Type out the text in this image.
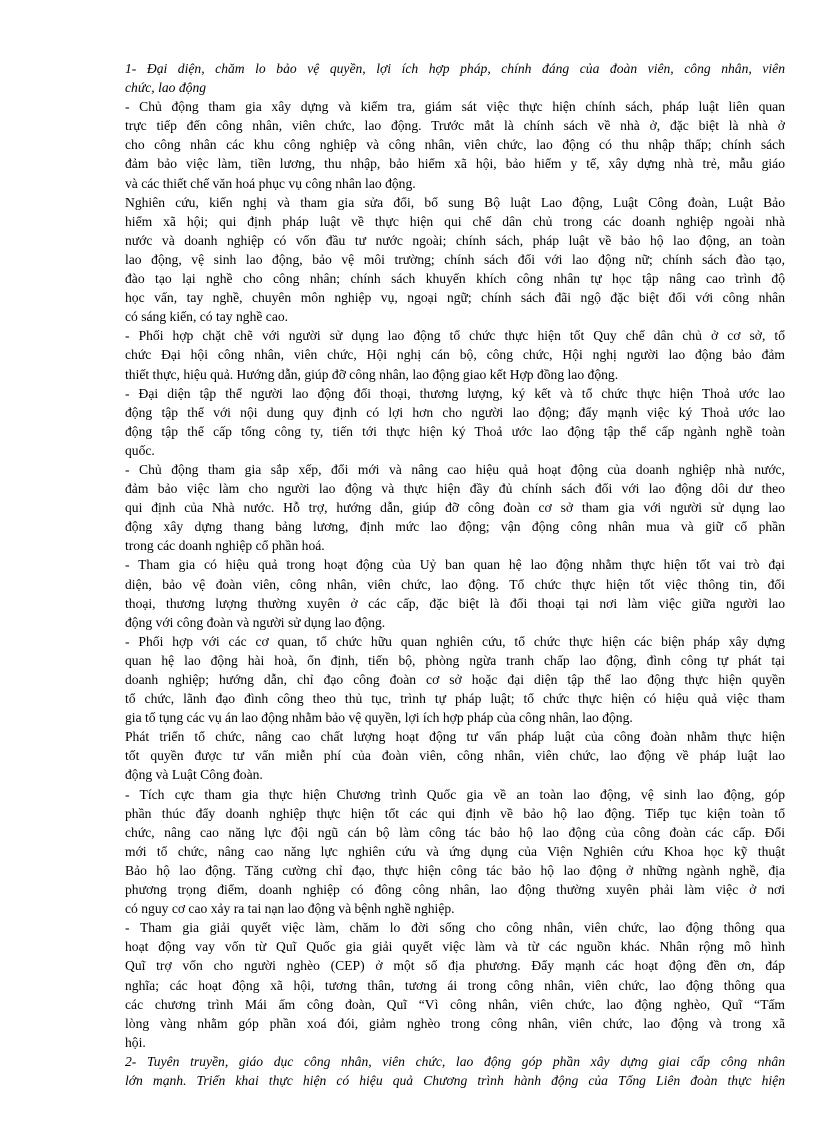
1- Đại diện, chăm lo bảo vệ quyền, lợi ích hợp pháp, chính đáng của đoàn viên, công nhân, viên
chức, lao động
- Chủ động tham gia xây dựng và kiểm tra, giám sát việc thực hiện chính sách, pháp luật liên quan
trực tiếp đến công nhân, viên chức, lao động. Trước mắt là chính sách về nhà ở, đặc biệt là nhà ở
cho công nhân các khu công nghiệp và công nhân, viên chức, lao động có thu nhập thấp; chính sách
đảm bảo việc làm, tiền lương, thu nhập, bảo hiểm xã hội, bảo hiểm y tế, xây dựng nhà trẻ, mẫu giáo
và các thiết chế văn hoá phục vụ công nhân lao động.
Nghiên cứu, kiến nghị và tham gia sửa đổi, bổ sung Bộ luật Lao động, Luật Công đoàn, Luật Bảo
hiểm xã hội; qui định pháp luật về thực hiện qui chế dân chủ trong các doanh nghiệp ngoài nhà
nước và doanh nghiệp có vốn đầu tư nước ngoài; chính sách, pháp luật về bảo hộ lao động, an toàn
lao động, vệ sinh lao động, bảo vệ môi trường; chính sách đối với lao động nữ; chính sách đào tạo,
đào tạo lại nghề cho công nhân; chính sách khuyến khích công nhân tự học tập nâng cao trình độ
học vấn, tay nghề, chuyên môn nghiệp vụ, ngoại ngữ; chính sách đãi ngộ đặc biệt đối với công nhân
có sáng kiến, có tay nghề cao.
- Phối hợp chặt chẽ với người sử dụng lao động tổ chức thực hiện tốt Quy chế dân chủ ở cơ sở, tổ
chức Đại hội công nhân, viên chức, Hội nghị cán bộ, công chức, Hội nghị người lao động bảo đảm
thiết thực, hiệu quả. Hướng dẫn, giúp đỡ công nhân, lao động giao kết Hợp đồng lao động.
- Đại diện tập thể người lao động đối thoại, thương lượng, ký kết và tổ chức thực hiện Thoả ước lao
động tập thể với nội dung quy định có lợi hơn cho người lao động; đẩy mạnh việc ký Thoả ước lao
động tập thể cấp tổng công ty, tiến tới thực hiện ký Thoả ước lao động tập thể cấp ngành nghề toàn
quốc.
- Chủ động tham gia sắp xếp, đổi mới và nâng cao hiệu quả hoạt động của doanh nghiệp nhà nước,
đảm bảo việc làm cho người lao động và thực hiện đầy đủ chính sách đối với lao động dôi dư theo
qui định của Nhà nước. Hỗ trợ, hướng dẫn, giúp đỡ công đoàn cơ sở tham gia với người sử dụng lao
động xây dựng thang bảng lương, định mức lao động; vận động công nhân mua và giữ cổ phần
trong các doanh nghiệp cổ phần hoá.
- Tham gia có hiệu quả trong hoạt động của Uỷ ban quan hệ lao động nhằm thực hiện tốt vai trò đại
diện, bảo vệ đoàn viên, công nhân, viên chức, lao động. Tổ chức thực hiện tốt việc thông tin, đối
thoại, thương lượng thường xuyên ở các cấp, đặc biệt là đối thoại tại nơi làm việc giữa người lao
động với công đoàn và người sử dụng lao động.
- Phối hợp với các cơ quan, tổ chức hữu quan nghiên cứu, tổ chức thực hiện các biện pháp xây dựng
quan hệ lao động hài hoà, ổn định, tiến bộ, phòng ngừa tranh chấp lao động, đình công tự phát tại
doanh nghiệp; hướng dẫn, chỉ đạo công đoàn cơ sở hoặc đại diện tập thể lao động thực hiện quyền
tổ chức, lãnh đạo đình công theo thủ tục, trình tự pháp luật; tổ chức thực hiện có hiệu quả việc tham
gia tố tụng các vụ án lao động nhằm bảo vệ quyền, lợi ích hợp pháp của công nhân, lao động.
Phát triển tổ chức, nâng cao chất lượng hoạt động tư vấn pháp luật của công đoàn nhằm thực hiện
tốt quyền được tư vấn miễn phí của đoàn viên, công nhân, viên chức, lao động về pháp luật lao
động và Luật Công đoàn.
- Tích cực tham gia thực hiện Chương trình Quốc gia về an toàn lao động, vệ sinh lao động, góp
phần thúc đẩy doanh nghiệp thực hiện tốt các qui định về bảo hộ lao động. Tiếp tục kiện toàn tổ
chức, nâng cao năng lực đội ngũ cán bộ làm công tác bảo hộ lao động của công đoàn các cấp. Đổi
mới tổ chức, nâng cao năng lực nghiên cứu và ứng dụng của Viện Nghiên cứu Khoa học kỹ thuật
Bảo hộ lao động. Tăng cường chỉ đạo, thực hiện công tác bảo hộ lao động ở những ngành nghề, địa
phương trọng điểm, doanh nghiệp có đông công nhân, lao động thường xuyên phải làm việc ở nơi
có nguy cơ cao xảy ra tai nạn lao động và bệnh nghề nghiệp.
- Tham gia giải quyết việc làm, chăm lo đời sống cho công nhân, viên chức, lao động thông qua
hoạt động vay vốn từ Quĩ Quốc gia giải quyết việc làm và từ các nguồn khác. Nhân rộng mô hình
Quĩ trợ vốn cho người nghèo (CEP) ở một số địa phương. Đẩy mạnh các hoạt động đền ơn, đáp
nghĩa; các hoạt động xã hội, tương thân, tương ái trong công nhân, viên chức, lao động thông qua
các chương trình Mái ấm công đoàn, Quĩ “Vì công nhân, viên chức, lao động nghèo, Quĩ “Tấm
lòng vàng nhằm góp phần xoá đói, giảm nghèo trong công nhân, viên chức, lao động và trong xã
hội.
2- Tuyên truyền, giáo dục công nhân, viên chức, lao động góp phần xây dựng giai cấp công nhân
lớn mạnh. Triển khai thực hiện có hiệu quả Chương trình hành động của Tổng Liên đoàn thực hiện
